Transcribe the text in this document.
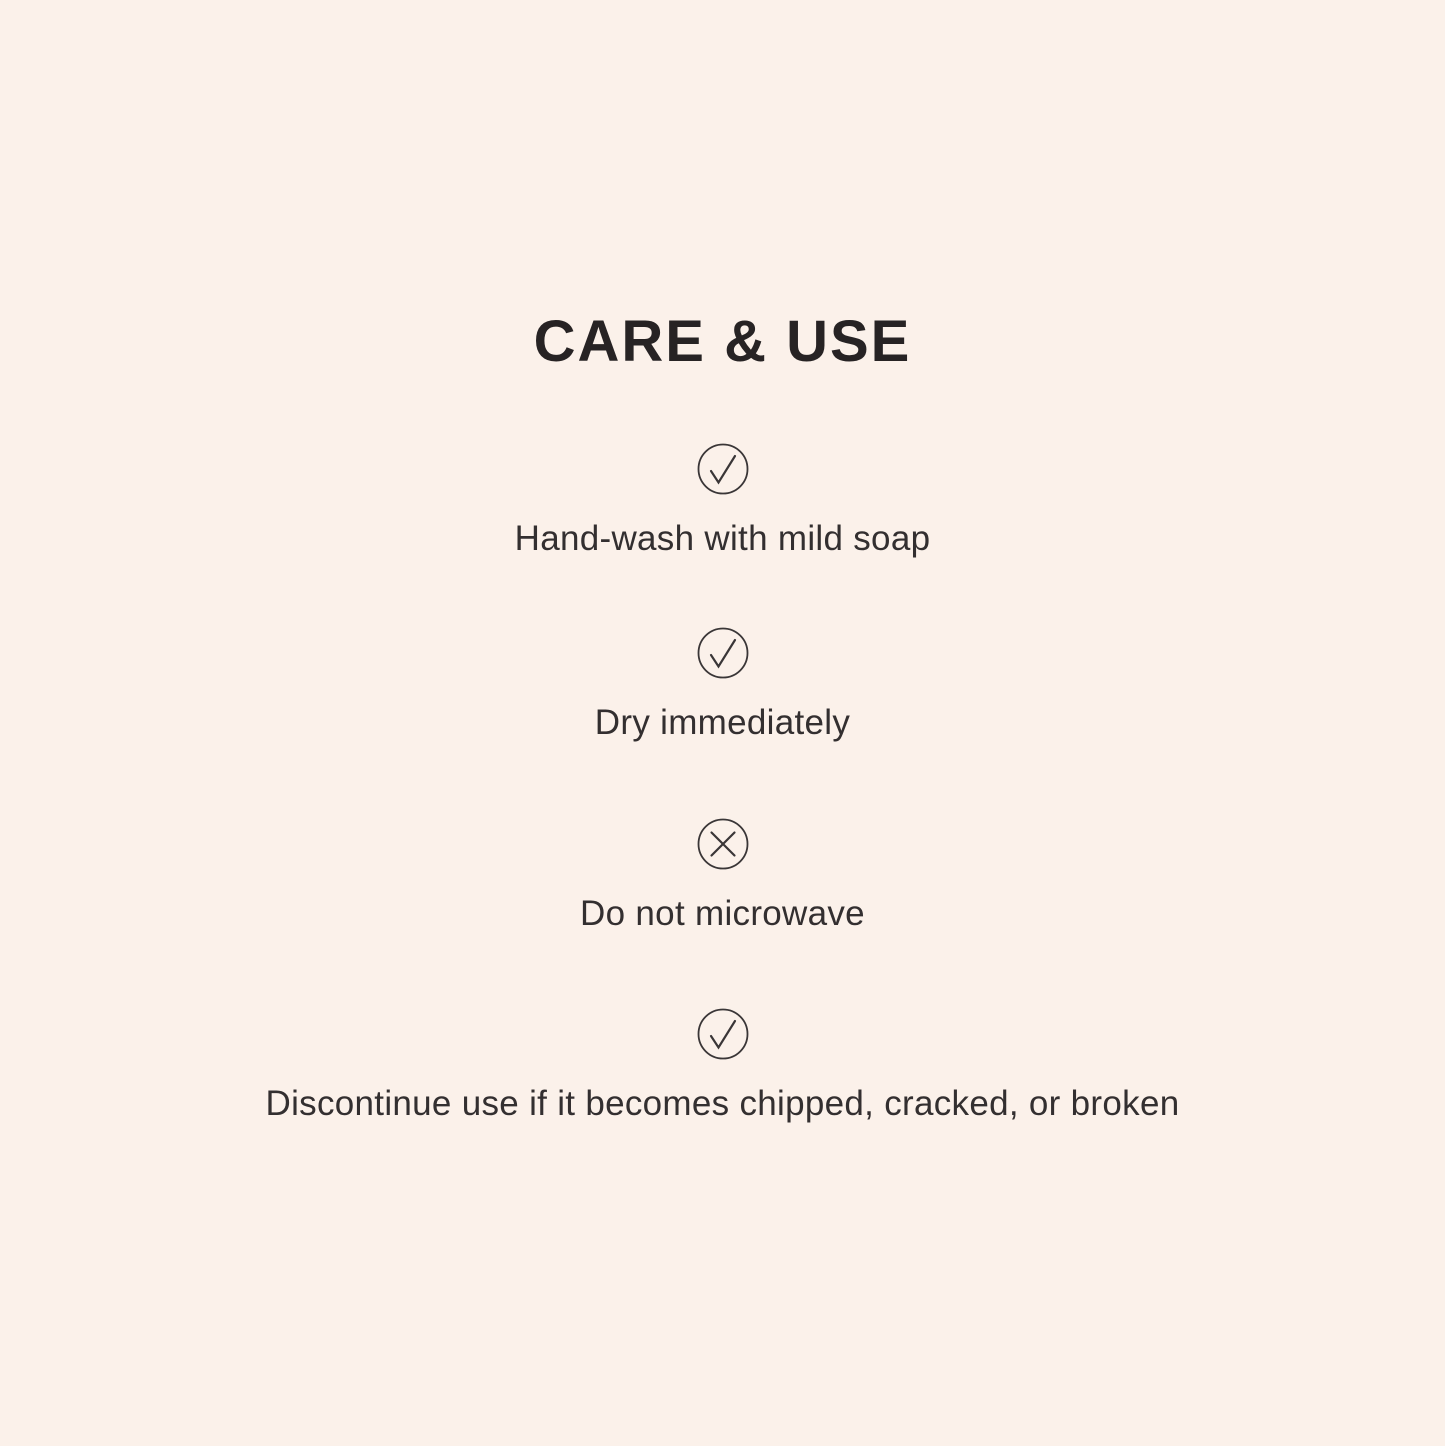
CARE & USE
Hand-wash with mild soap
Dry immediately
Do not microwave
Discontinue use if it becomes chipped, cracked, or broken
